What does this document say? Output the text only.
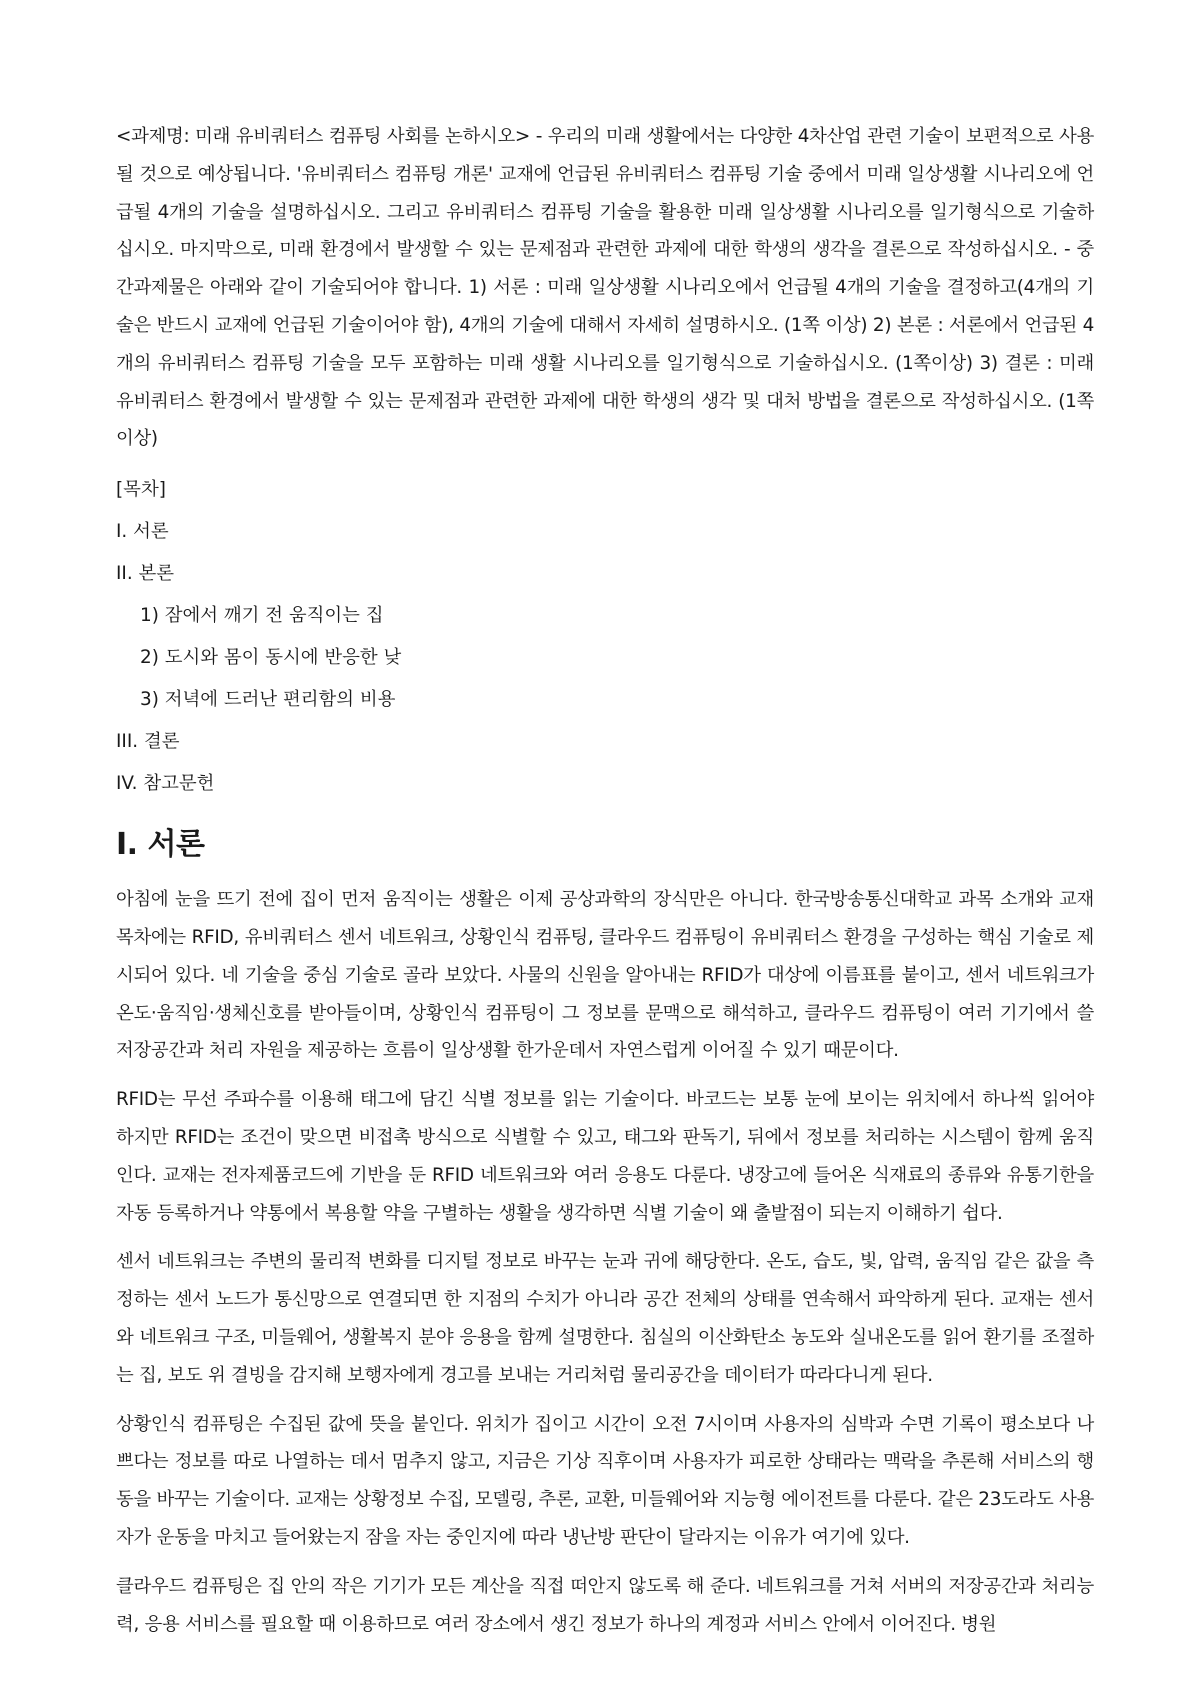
<과제명: 미래 유비쿼터스 컴퓨팅 사회를 논하시오> - 우리의 미래 생활에서는 다양한 4차산업 관련 기술이 보편적으로 사용될 것으로 예상됩니다. '유비쿼터스 컴퓨팅 개론' 교재에 언급된 유비쿼터스 컴퓨팅 기술 중에서 미래 일상생활 시나리오에 언급될 4개의 기술을 설명하십시오. 그리고 유비쿼터스 컴퓨팅 기술을 활용한 미래 일상생활 시나리오를 일기형식으로 기술하십시오. 마지막으로, 미래 환경에서 발생할 수 있는 문제점과 관련한 과제에 대한 학생의 생각을 결론으로 작성하십시오. - 중간과제물은 아래와 같이 기술되어야 합니다. 1) 서론 : 미래 일상생활 시나리오에서 언급될 4개의 기술을 결정하고(4개의 기술은 반드시 교재에 언급된 기술이어야 함), 4개의 기술에 대해서 자세히 설명하시오. (1쪽 이상) 2) 본론 : 서론에서 언급된 4개의 유비쿼터스 컴퓨팅 기술을 모두 포함하는 미래 생활 시나리오를 일기형식으로 기술하십시오. (1쪽이상) 3) 결론 : 미래 유비쿼터스 환경에서 발생할 수 있는 문제점과 관련한 과제에 대한 학생의 생각 및 대처 방법을 결론으로 작성하십시오. (1쪽 이상)

[목차]

I. 서론
II. 본론
1) 잠에서 깨기 전 움직이는 집
2) 도시와 몸이 동시에 반응한 낮
3) 저녁에 드러난 편리함의 비용
III. 결론
IV. 참고문헌
I. 서론

아침에 눈을 뜨기 전에 집이 먼저 움직이는 생활은 이제 공상과학의 장식만은 아니다. 한국방송통신대학교 과목 소개와 교재 목차에는 RFID, 유비쿼터스 센서 네트워크, 상황인식 컴퓨팅, 클라우드 컴퓨팅이 유비쿼터스 환경을 구성하는 핵심 기술로 제시되어 있다. 네 기술을 중심 기술로 골라 보았다. 사물의 신원을 알아내는 RFID가 대상에 이름표를 붙이고, 센서 네트워크가 온도·움직임·생체신호를 받아들이며, 상황인식 컴퓨팅이 그 정보를 문맥으로 해석하고, 클라우드 컴퓨팅이 여러 기기에서 쓸 저장공간과 처리 자원을 제공하는 흐름이 일상생활 한가운데서 자연스럽게 이어질 수 있기 때문이다.

RFID는 무선 주파수를 이용해 태그에 담긴 식별 정보를 읽는 기술이다. 바코드는 보통 눈에 보이는 위치에서 하나씩 읽어야 하지만 RFID는 조건이 맞으면 비접촉 방식으로 식별할 수 있고, 태그와 판독기, 뒤에서 정보를 처리하는 시스템이 함께 움직인다. 교재는 전자제품코드에 기반을 둔 RFID 네트워크와 여러 응용도 다룬다. 냉장고에 들어온 식재료의 종류와 유통기한을 자동 등록하거나 약통에서 복용할 약을 구별하는 생활을 생각하면 식별 기술이 왜 출발점이 되는지 이해하기 쉽다.

센서 네트워크는 주변의 물리적 변화를 디지털 정보로 바꾸는 눈과 귀에 해당한다. 온도, 습도, 빛, 압력, 움직임 같은 값을 측정하는 센서 노드가 통신망으로 연결되면 한 지점의 수치가 아니라 공간 전체의 상태를 연속해서 파악하게 된다. 교재는 센서와 네트워크 구조, 미들웨어, 생활복지 분야 응용을 함께 설명한다. 침실의 이산화탄소 농도와 실내온도를 읽어 환기를 조절하는 집, 보도 위 결빙을 감지해 보행자에게 경고를 보내는 거리처럼 물리공간을 데이터가 따라다니게 된다.

상황인식 컴퓨팅은 수집된 값에 뜻을 붙인다. 위치가 집이고 시간이 오전 7시이며 사용자의 심박과 수면 기록이 평소보다 나쁘다는 정보를 따로 나열하는 데서 멈추지 않고, 지금은 기상 직후이며 사용자가 피로한 상태라는 맥락을 추론해 서비스의 행동을 바꾸는 기술이다. 교재는 상황정보 수집, 모델링, 추론, 교환, 미들웨어와 지능형 에이전트를 다룬다. 같은 23도라도 사용자가 운동을 마치고 들어왔는지 잠을 자는 중인지에 따라 냉난방 판단이 달라지는 이유가 여기에 있다.

클라우드 컴퓨팅은 집 안의 작은 기기가 모든 계산을 직접 떠안지 않도록 해 준다. 네트워크를 거쳐 서버의 저장공간과 처리능력, 응용 서비스를 필요할 때 이용하므로 여러 장소에서 생긴 정보가 하나의 계정과 서비스 안에서 이어진다. 병원
